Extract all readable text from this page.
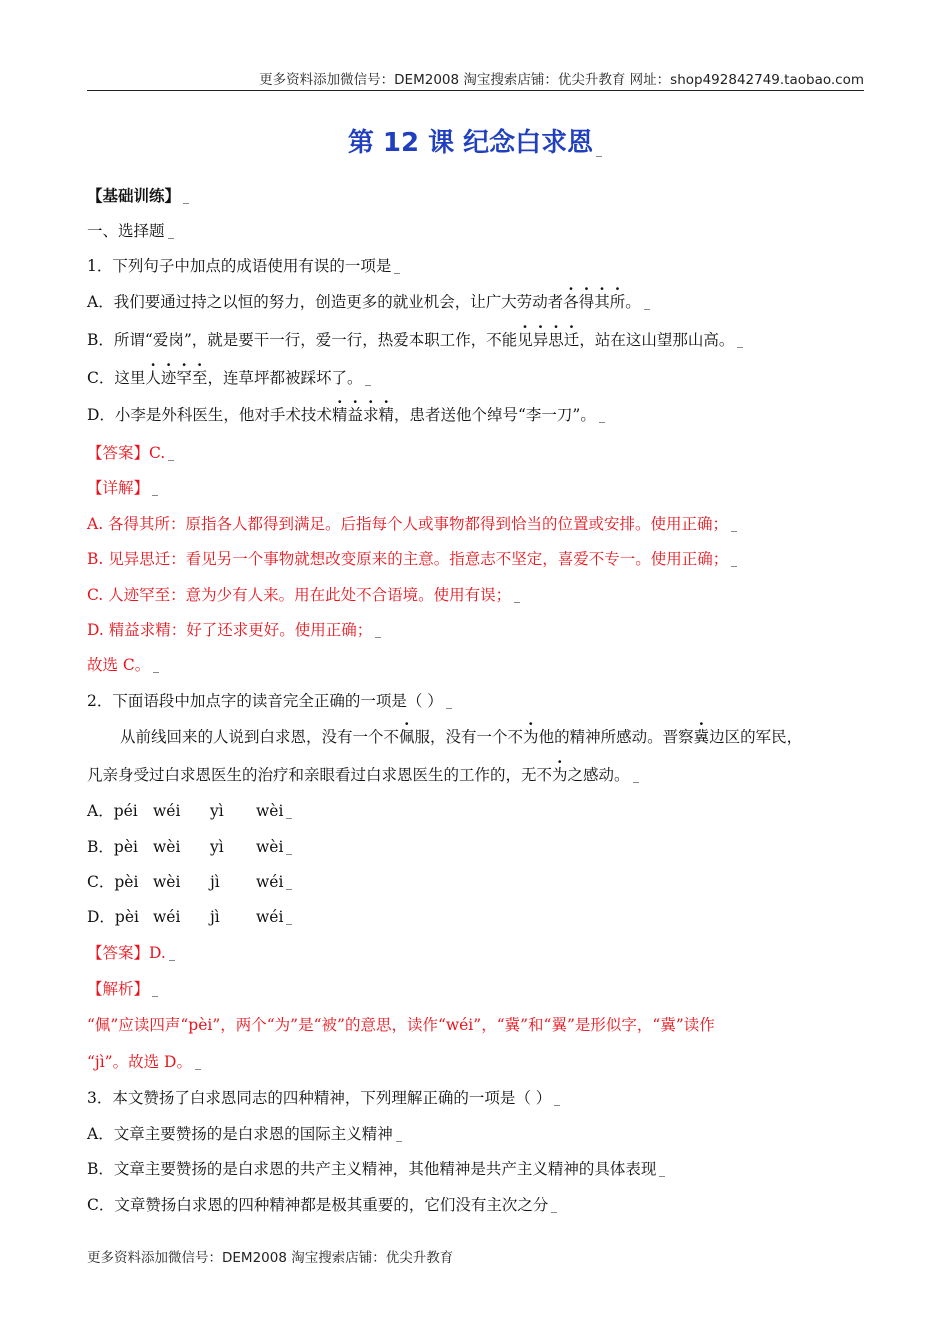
更多资料添加微信号：DEM2008 淘宝搜索店铺：优尖升教育 网址：shop492842749.taobao.com
第 12 课 纪念白求恩
【基础训练】
一、选择题
1．下列句子中加点的成语使用有误的一项是
A．我们要通过持之以恒的努力，创造更多的就业机会，让广大劳动者各得其所。
B．所谓“爱岗”，就是要干一行，爱一行，热爱本职工作，不能见异思迁，站在这山望那山高。
C．这里人迹罕至，连草坪都被踩坏了。
D．小李是外科医生，他对手术技术精益求精，患者送他个绰号“李一刀”。
【答案】C.
【详解】
A. 各得其所：原指各人都得到满足。后指每个人或事物都得到恰当的位置或安排。使用正确；
B. 见异思迁：看见另一个事物就想改变原来的主意。指意志不坚定，喜爱不专一。使用正确；
C. 人迹罕至：意为少有人来。用在此处不合语境。使用有误；
D. 精益求精：好了还求更好。使用正确；
故选 C。
2．下面语段中加点字的读音完全正确的一项是（ ）
从前线回来的人说到白求恩，没有一个不佩服，没有一个不为他的精神所感动。晋察冀边区的军民，
凡亲身受过白求恩医生的治疗和亲眼看过白求恩医生的工作的，无不为之感动。
A．péi wéi yì wèi
B．pèi wèi yì wèi
C．pèi wèi jì wéi
D．pèi wéi jì wéi
【答案】D.
【解析】
“佩”应读四声“pèi”，两个“为”是“被”的意思，读作“wéi”，“冀”和“翼”是形似字，“冀”读作
“jì”。故选 D。
3．本文赞扬了白求恩同志的四种精神，下列理解正确的一项是（ ）
A．文章主要赞扬的是白求恩的国际主义精神
B．文章主要赞扬的是白求恩的共产主义精神，其他精神是共产主义精神的具体表现
C．文章赞扬白求恩的四种精神都是极其重要的，它们没有主次之分
更多资料添加微信号：DEM2008 淘宝搜索店铺：优尖升教育
